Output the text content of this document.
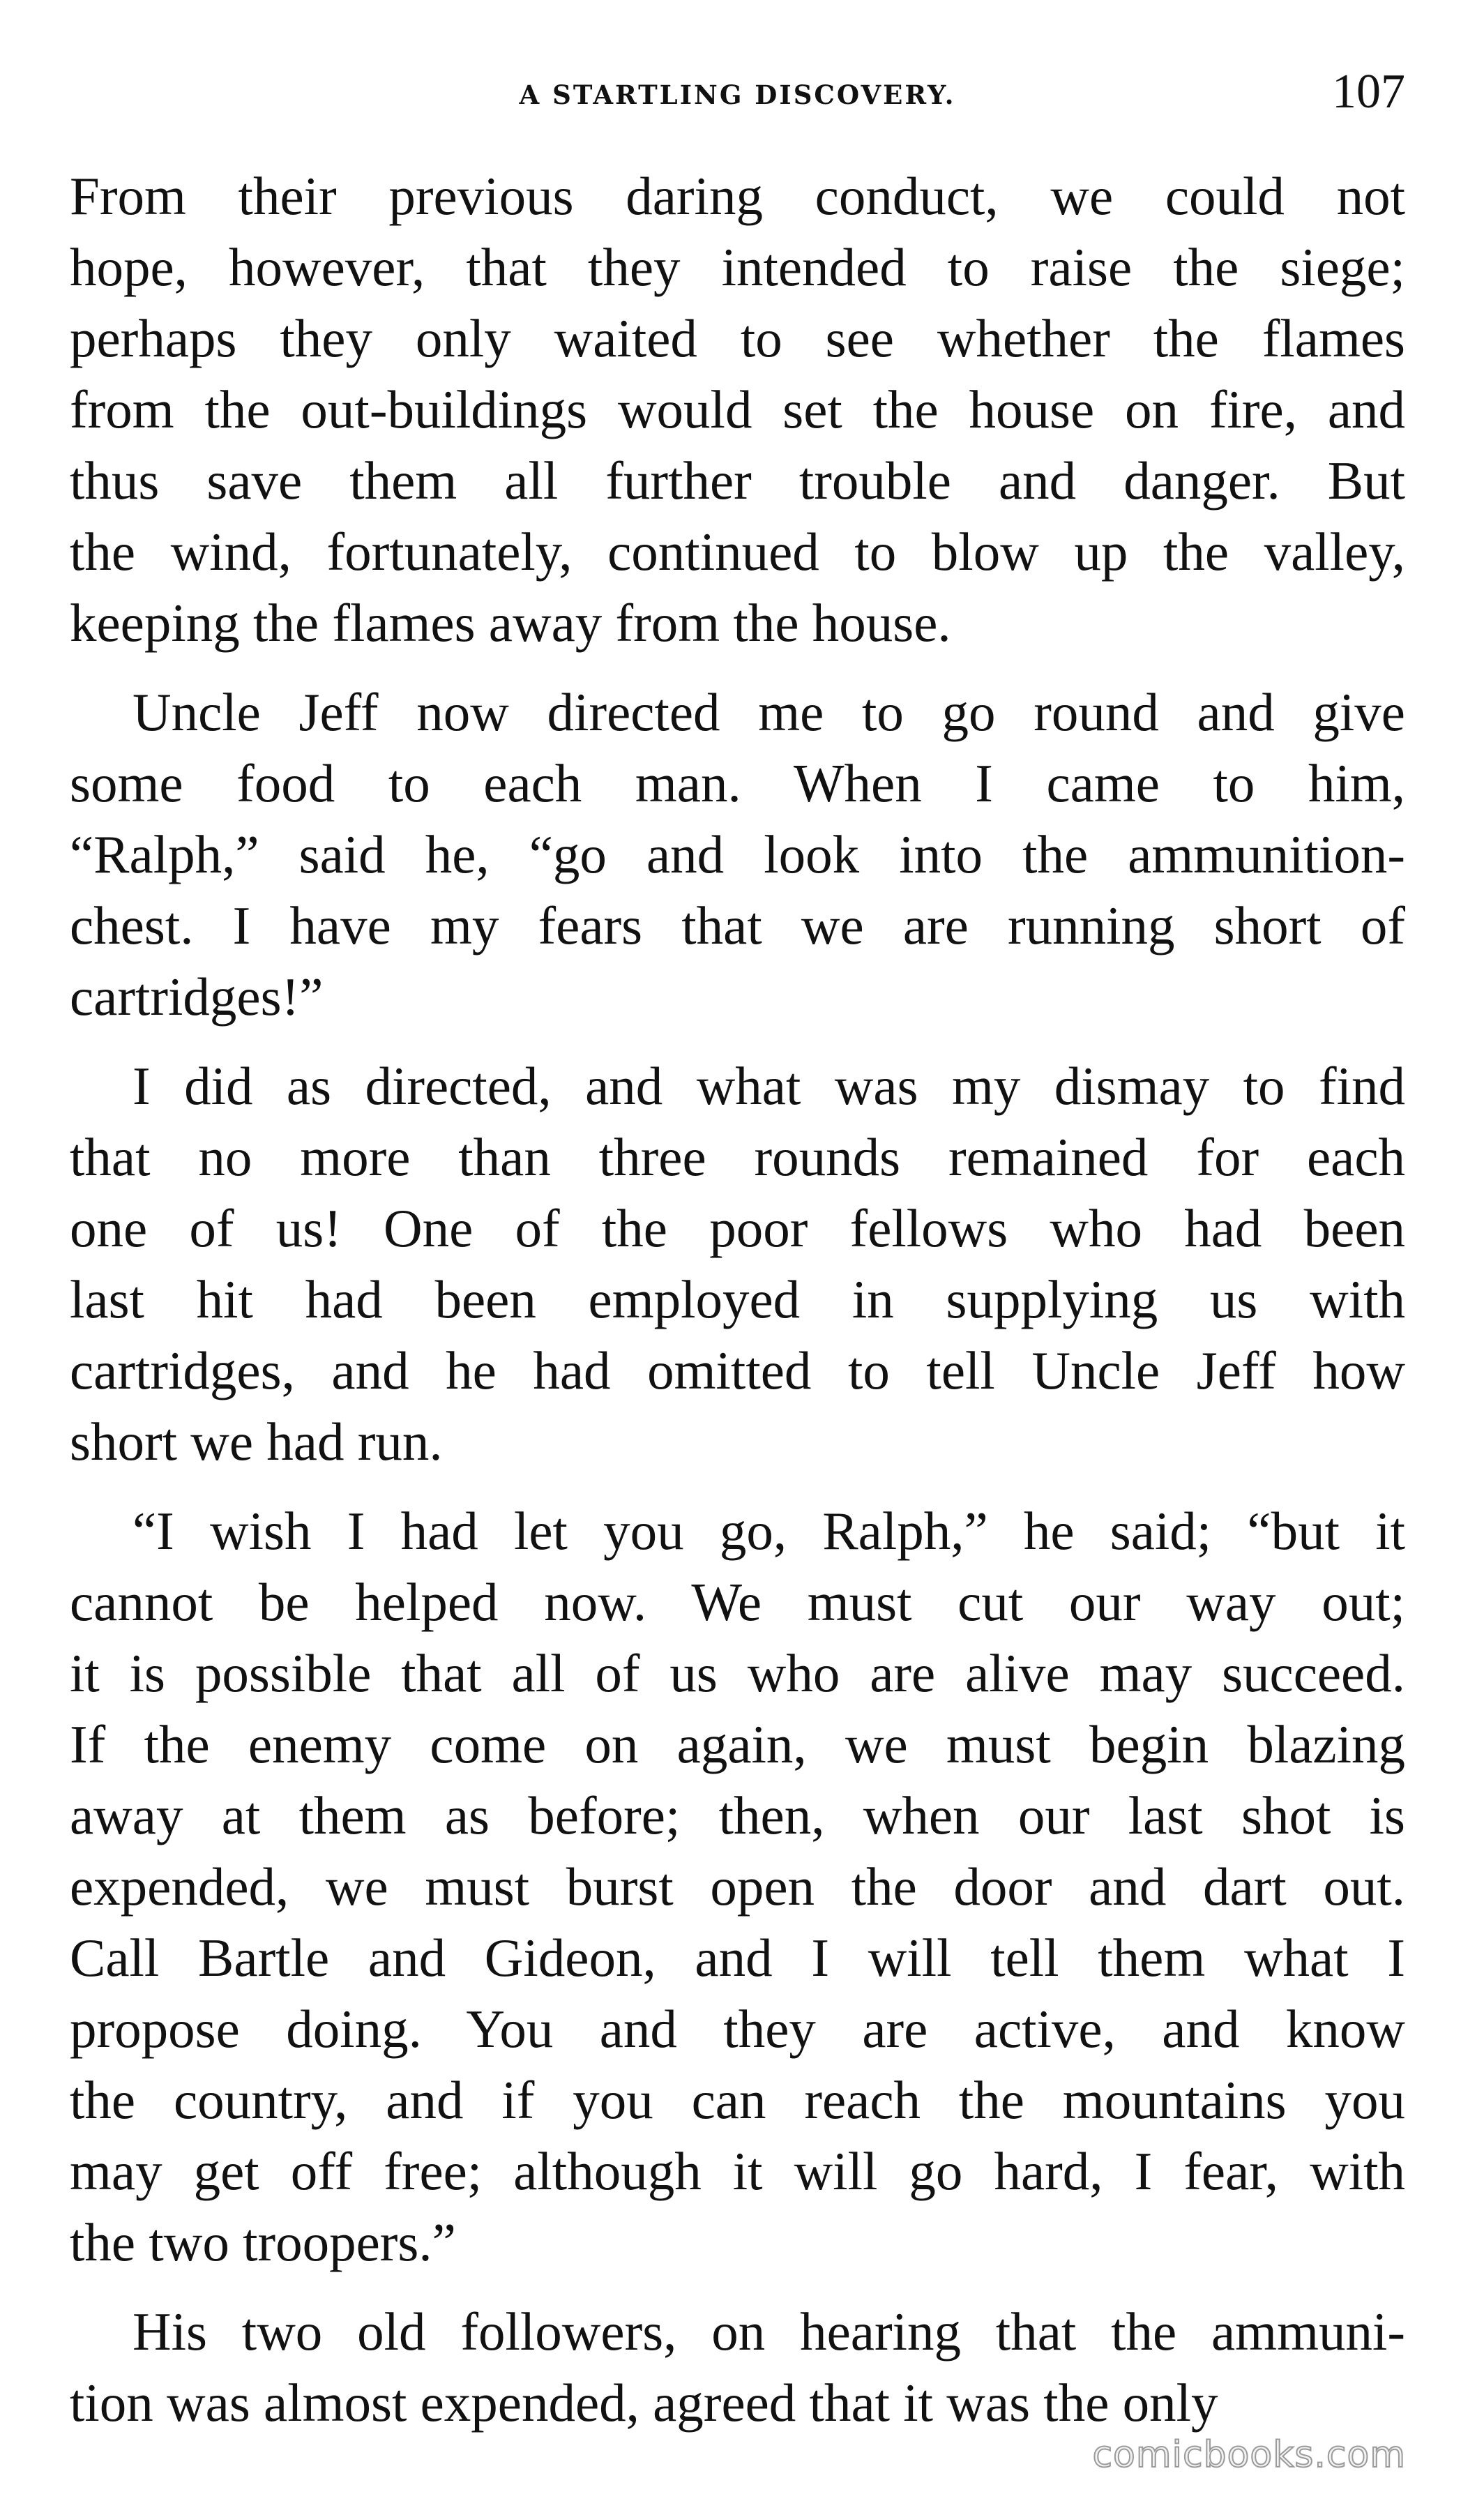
A STARTLING DISCOVERY.	107
From their previous daring conduct, we could not
hope, however, that they intended to raise the siege;
perhaps they only waited to see whether the flames
from the out-buildings would set the house on fire, and
thus save them all further trouble and danger. But
the wind, fortunately, continued to blow up the valley,
keeping the flames away from the house.
Uncle Jeff now directed me to go round and give
some food to each man. When I came to him,
“Ralph,” said he, “go and look into the ammunition-
chest. I have my fears that we are running short of
cartridges!”
I did as directed, and what was my dismay to find
that no more than three rounds remained for each
one of us! One of the poor fellows who had been
last hit had been employed in supplying us with
cartridges, and he had omitted to tell Uncle Jeff how
short we had run.
“I wish I had let you go, Ralph,” he said; “but it
cannot be helped now. We must cut our way out;
it is possible that all of us who are alive may succeed.
If the enemy come on again, we must begin blazing
away at them as before; then, when our last shot is
expended, we must burst open the door and dart out.
Call Bartle and Gideon, and I will tell them what I
propose doing. You and they are active, and know
the country, and if you can reach the mountains you
may get off free; although it will go hard, I fear, with
the two troopers.”
His two old followers, on hearing that the ammuni-
tion was almost expended, agreed that it was the only
comicbooks.com
